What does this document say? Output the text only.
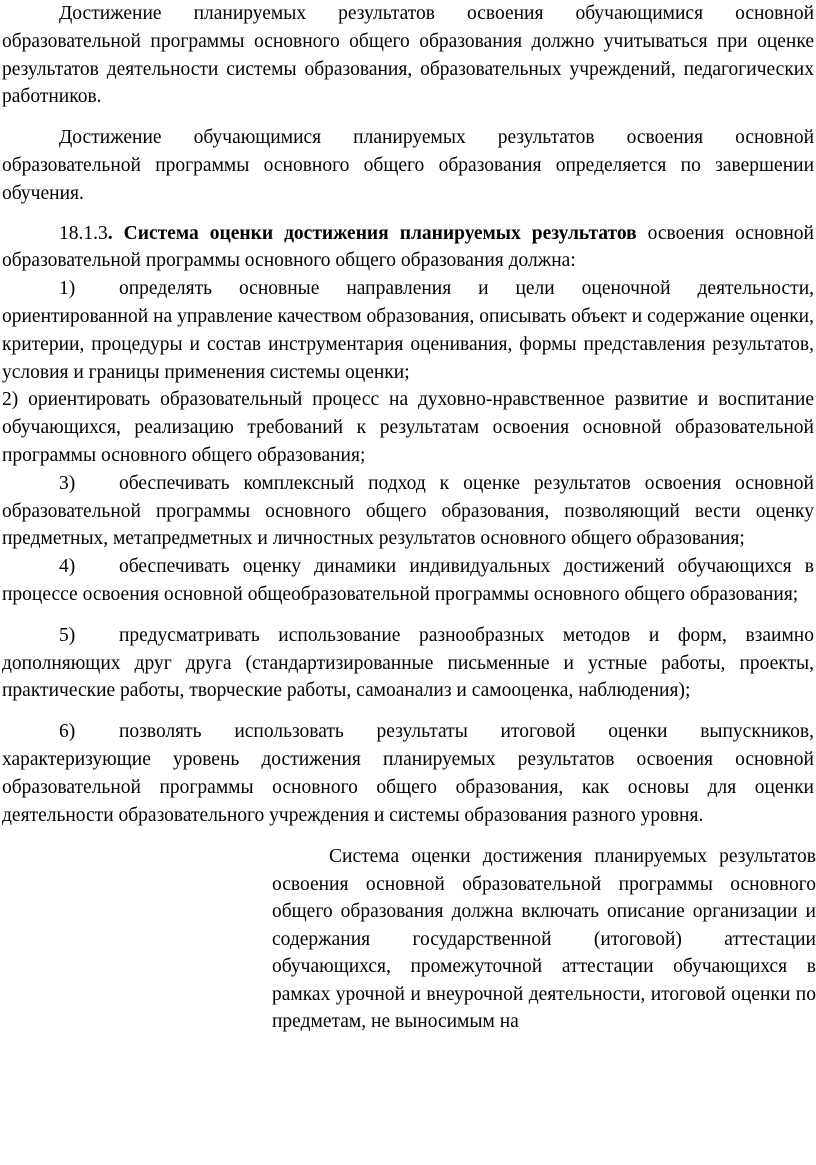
Достижение планируемых результатов освоения обучающимися основной образовательной программы основного общего образования должно учитываться при оценке результатов деятельности системы образования, образовательных учреждений, педагогических работников.

Достижение обучающимися планируемых результатов освоения основной образовательной программы основного общего образования определяется по завершении обучения.

18.1.3. Система оценки достижения планируемых результатов освоения основной образовательной программы основного общего образования должна:

1) определять основные направления и цели оценочной деятельности, ориентированной на управление качеством образования, описывать объект и содержание оценки, критерии, процедуры и состав инструментария оценивания, формы представления результатов, условия и границы применения системы оценки;

2) ориентировать образовательный процесс на духовно-нравственное развитие и воспитание обучающихся, реализацию требований к результатам освоения основной образовательной программы основного общего образования;

3) обеспечивать комплексный подход к оценке результатов освоения основной образовательной программы основного общего образования, позволяющий вести оценку предметных, метапредметных и личностных результатов основного общего образования;

4) обеспечивать оценку динамики индивидуальных достижений обучающихся в процессе освоения основной общеобразовательной программы основного общего образования;

5) предусматривать использование разнообразных методов и форм, взаимно дополняющих друг друга (стандартизированные письменные и устные работы, проекты, практические работы, творческие работы, самоанализ и самооценка, наблюдения);

6) позволять использовать результаты итоговой оценки выпускников, характеризующие уровень достижения планируемых результатов освоения основной образовательной программы основного общего образования, как основы для оценки деятельности образовательного учреждения и системы образования разного уровня.

Система оценки достижения планируемых результатов освоения основной образовательной программы основного общего образования должна включать описание организации и содержания государственной (итоговой) аттестации обучающихся, промежуточной аттестации обучающихся в рамках урочной и внеурочной деятельности, итоговой оценки по предметам, не выносимым на
